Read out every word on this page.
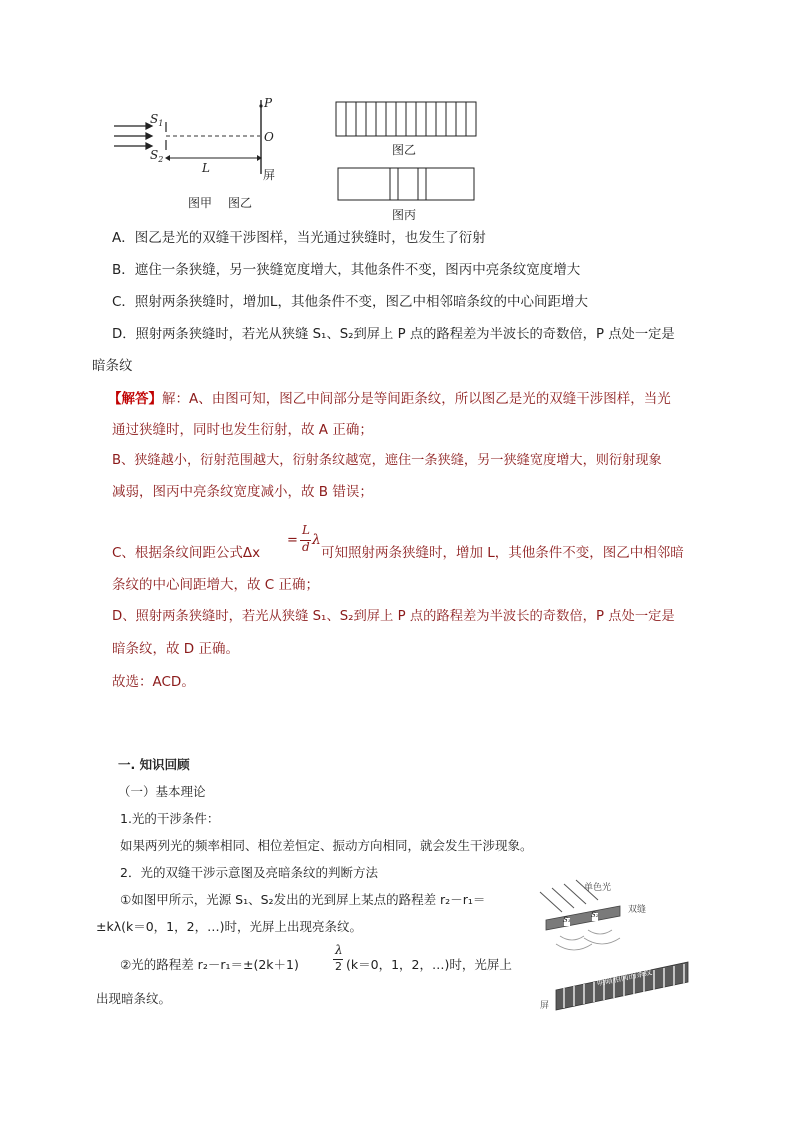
P
$S_1$
O
$S_2$
L	屏
图甲 图乙
图乙
图丙
A．图乙是光的双缝干涉图样，当光通过狭缝时，也发生了衍射
B．遮住一条狭缝，另一狭缝宽度增大，其他条件不变，图丙中亮条纹宽度增大
C．照射两条狭缝时，增加L，其他条件不变，图乙中相邻暗条纹的中心间距增大
D．照射两条狭缝时，若光从狭缝 S₁、S₂到屏上 P 点的路程差为半波长的奇数倍，P 点处一定是
暗条纹
【解答】解：A、由图可知，图乙中间部分是等间距条纹，所以图乙是光的双缝干涉图样，当光
通过狭缝时，同时也发生衍射，故 A 正确；
B、狭缝越小，衍射范围越大，衍射条纹越宽，遮住一条狭缝，另一狭缝宽度增大，则衍射现象
减弱，图丙中亮条纹宽度减小，故 B 错误；
C、根据条纹间距公式Δx
=
L
d λ
可知照射两条狭缝时，增加 L，其他条件不变，图乙中相邻暗
条纹的中心间距增大，故 C 正确；
D、照射两条狭缝时，若光从狭缝 S₁、S₂到屏上 P 点的路程差为半波长的奇数倍，P 点处一定是
暗条纹，故 D 正确。
故选：ACD。
一. 知识回顾
（一）基本理论
1.光的干涉条件：
如果两列光的频率相同、相位差恒定、振动方向相同，就会发生干涉现象。
2．光的双缝干涉示意图及亮暗条纹的判断方法
①如图甲所示，光源 S₁、S₂发出的光到屏上某点的路程差 r₂－r₁＝
±kλ(k＝0，1，2，…)时，光屏上出现亮条纹。
②光的路程差 r₂－r₁＝±(2k＋1)
λ
2 (k＝0，1，2，…)时，光屏上
出现暗条纹。
单色光
双缝
S₁
S₂
屏
明暗相间的条纹
